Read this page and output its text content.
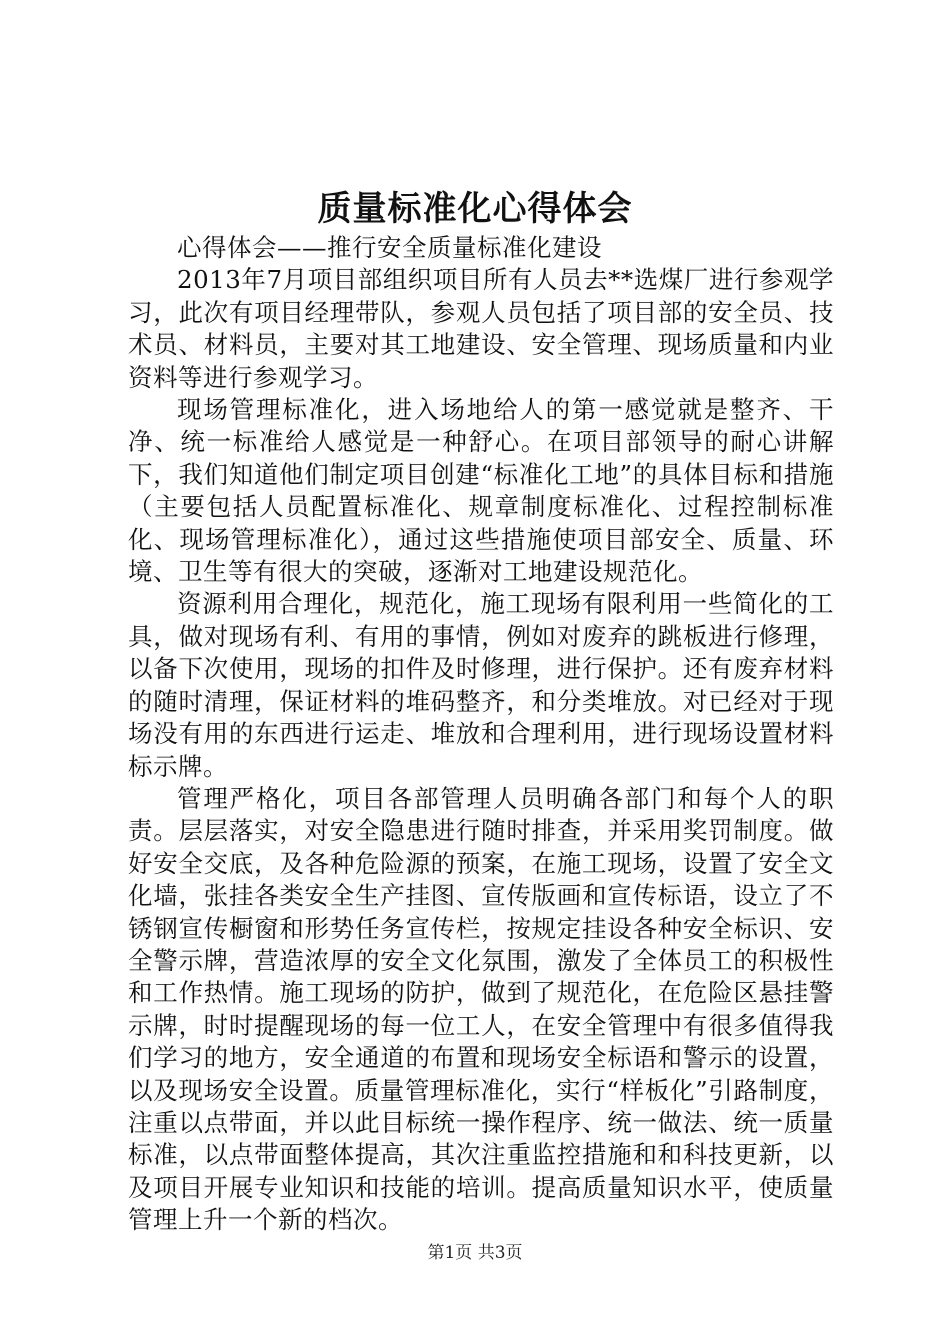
质量标准化心得体会

心得体会——推行安全质量标准化建设

2013年7月项目部组织项目所有人员去**选煤厂进行参观学习，此次有项目经理带队，参观人员包括了项目部的安全员、技术员、材料员，主要对其工地建设、安全管理、现场质量和内业资料等进行参观学习。

现场管理标准化，进入场地给人的第一感觉就是整齐、干净、统一标准给人感觉是一种舒心。在项目部领导的耐心讲解下，我们知道他们制定项目创建“标准化工地”的具体目标和措施（主要包括人员配置标准化、规章制度标准化、过程控制标准化、现场管理标准化），通过这些措施使项目部安全、质量、环境、卫生等有很大的突破，逐渐对工地建设规范化。

资源利用合理化，规范化，施工现场有限利用一些简化的工具，做对现场有利、有用的事情，例如对废弃的跳板进行修理，以备下次使用，现场的扣件及时修理，进行保护。还有废弃材料的随时清理，保证材料的堆码整齐，和分类堆放。对已经对于现场没有用的东西进行运走、堆放和合理利用，进行现场设置材料标示牌。

管理严格化，项目各部管理人员明确各部门和每个人的职责。层层落实，对安全隐患进行随时排查，并采用奖罚制度。做好安全交底，及各种危险源的预案，在施工现场，设置了安全文化墙，张挂各类安全生产挂图、宣传版画和宣传标语，设立了不锈钢宣传橱窗和形势任务宣传栏，按规定挂设各种安全标识、安全警示牌，营造浓厚的安全文化氛围，激发了全体员工的积极性和工作热情。施工现场的防护，做到了规范化，在危险区悬挂警示牌，时时提醒现场的每一位工人，在安全管理中有很多值得我们学习的地方，安全通道的布置和现场安全标语和警示的设置，以及现场安全设置。质量管理标准化，实行“样板化”引路制度，注重以点带面，并以此目标统一操作程序、统一做法、统一质量标准，以点带面整体提高，其次注重监控措施和和科技更新，以及项目开展专业知识和技能的培训。提高质量知识水平，使质量管理上升一个新的档次。

第1页 共3页
